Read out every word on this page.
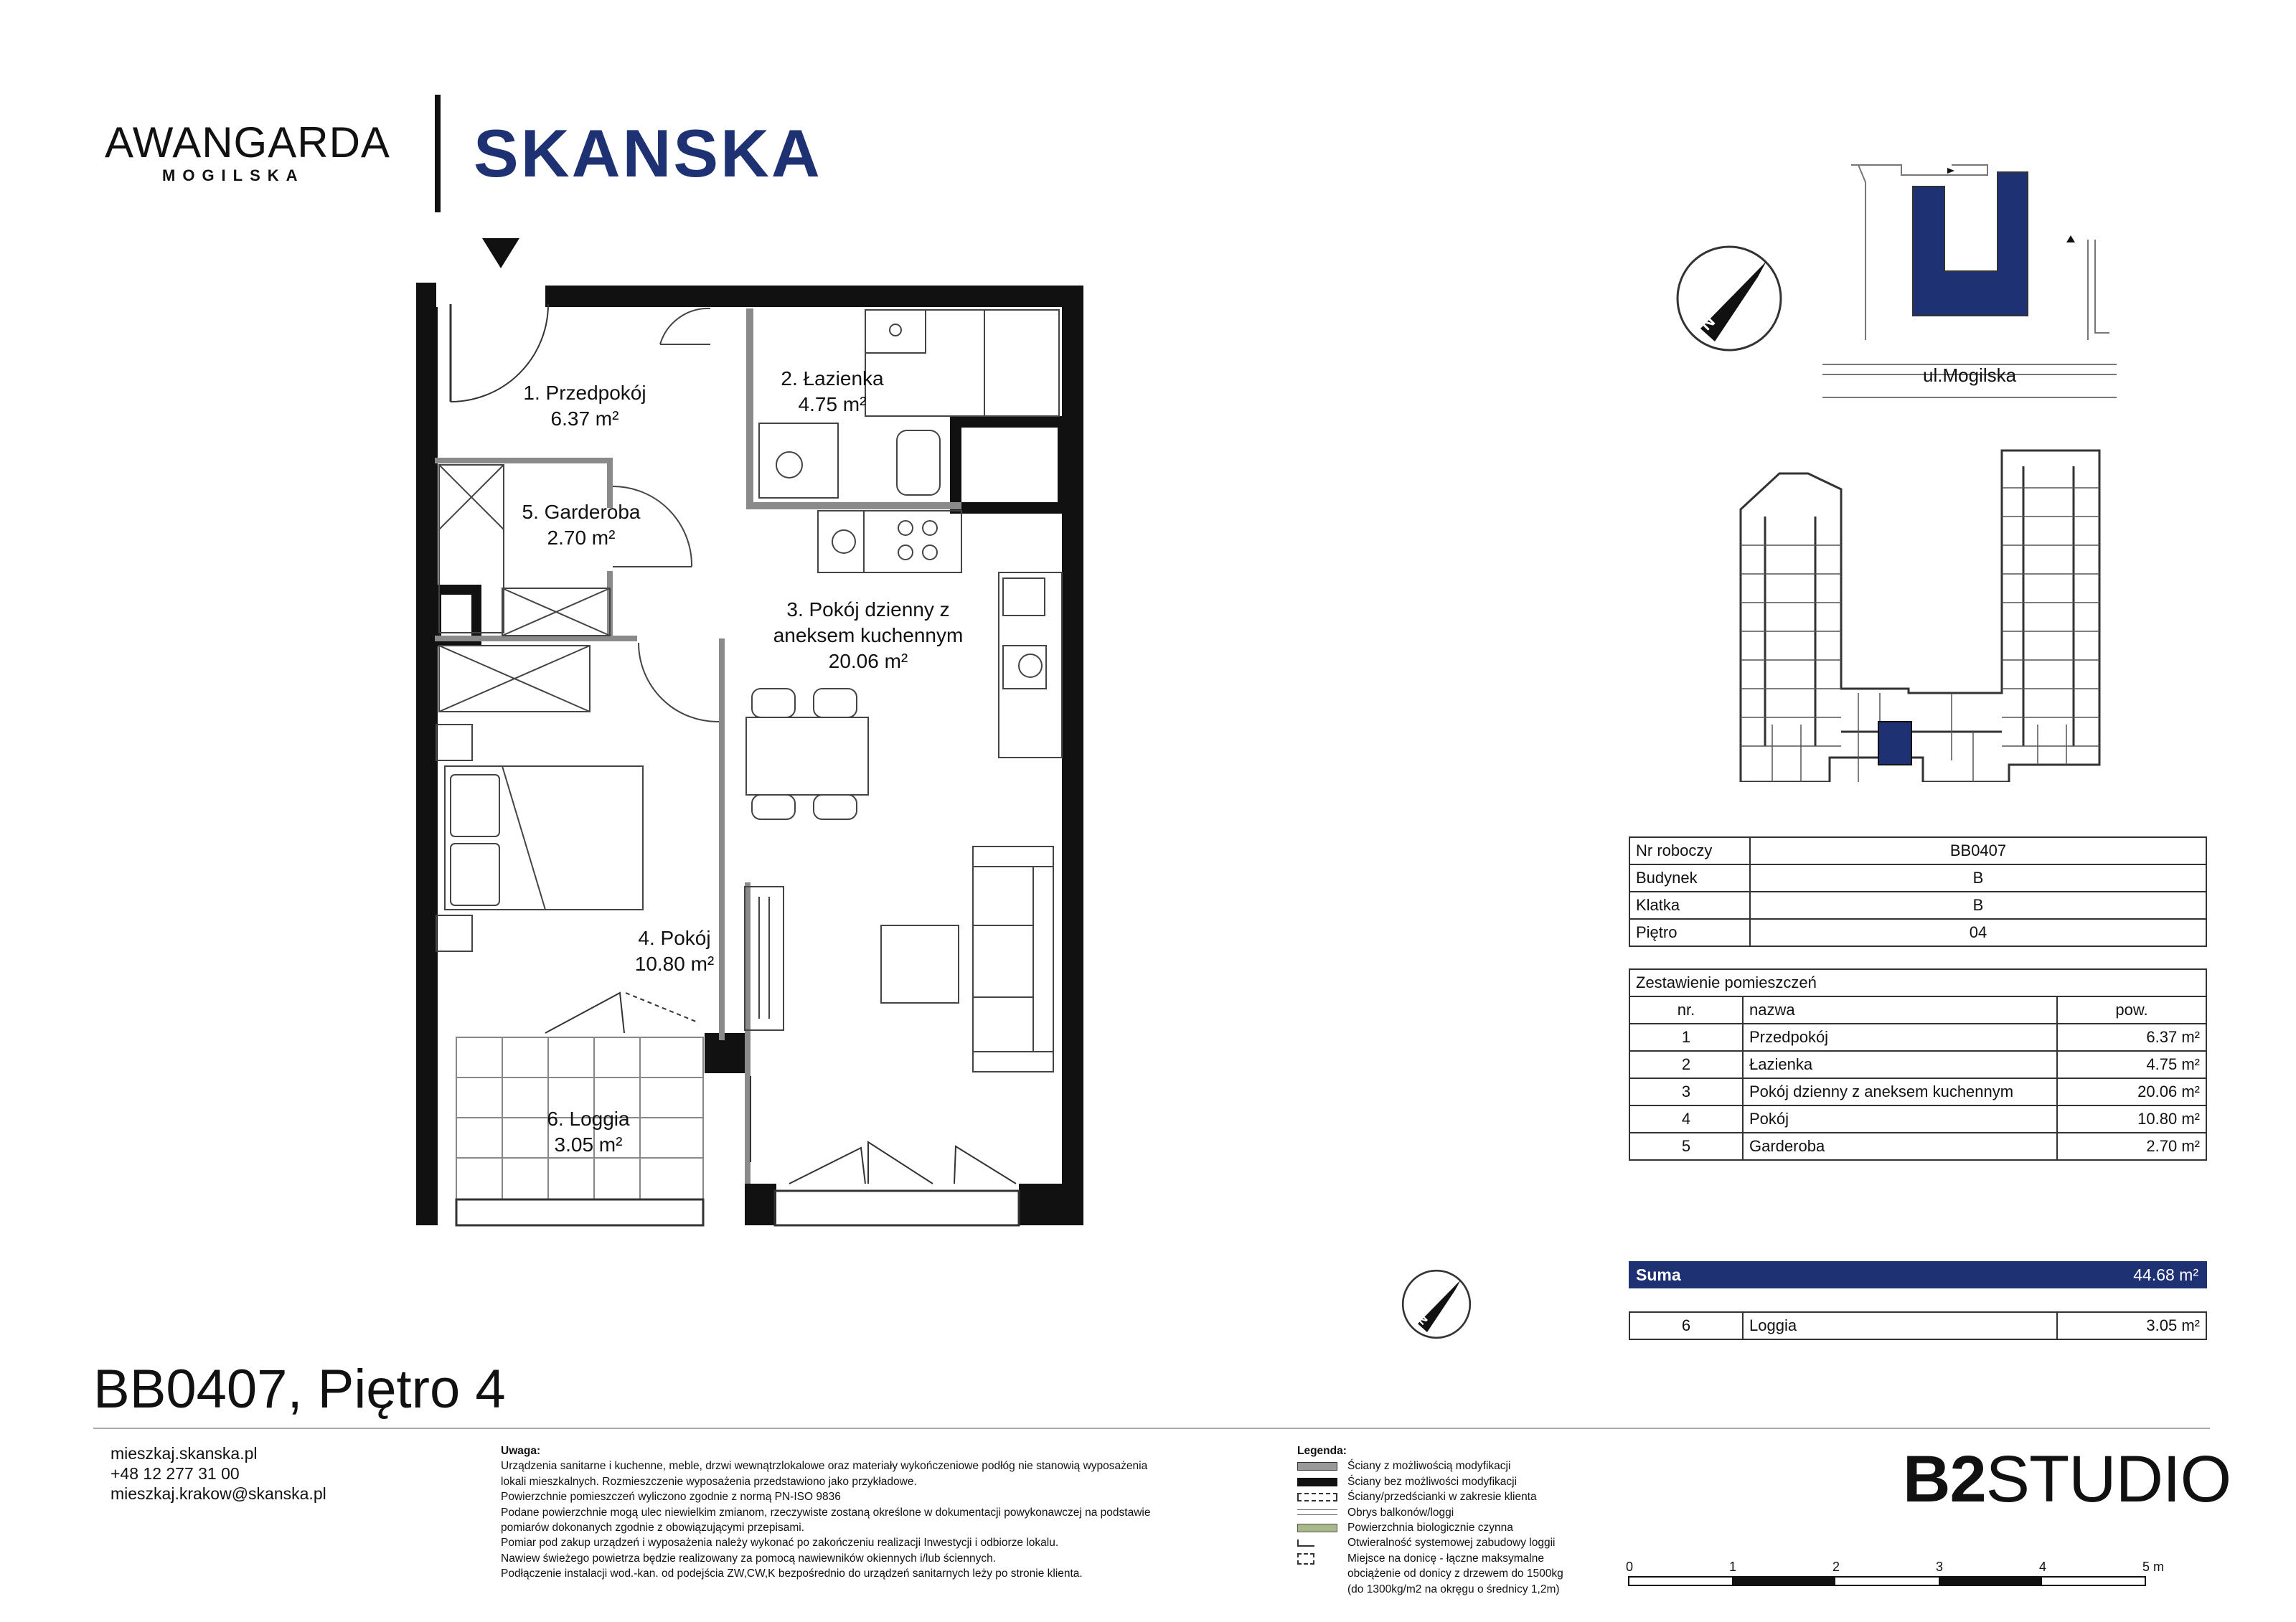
AWANGARDA
MOGILSKA	SKANSKA
1. Przedpokój
6.37 m²
2. Łazienka
4.75 m²
3. Pokój dzienny z
aneksem kuchennym
20.06 m²
4. Pokój
10.80 m²
5. Garderoba
2.70 m²
6. Loggia
3.05 m²
N
ul.Mogilska
Nr roboczy	BB0407
Budynek	B
Klatka	B
Piętro	04
Zestawienie pomieszczeń		
nr.	nazwa	pow.
1	Przedpokój	6.37 m²
2	Łazienka	4.75 m²
3	Pokój dzienny z aneksem kuchennym	20.06 m²
4	Pokój	10.80 m²
5	Garderoba	2.70 m²
N
Suma	44.68 m²
6	Loggia	3.05 m²
BB0407, Piętro 4
mieszkaj.skanska.pl
+48 12 277 31 00
mieszkaj.krakow@skanska.pl
Uwaga:
Urządzenia sanitarne i kuchenne, meble, drzwi wewnątrzlokalowe oraz materiały wykończeniowe podłóg nie stanowią wyposażenia
lokali mieszkalnych. Rozmieszczenie wyposażenia przedstawiono jako przykładowe.
Powierzchnie pomieszczeń wyliczono zgodnie z normą PN-ISO 9836
Podane powierzchnie mogą ulec niewielkim zmianom, rzeczywiste zostaną określone w dokumentacji powykonawczej na podstawie
pomiarów dokonanych zgodnie z obowiązującymi przepisami.
Pomiar pod zakup urządzeń i wyposażenia należy wykonać po zakończeniu realizacji Inwestycji i odbiorze lokalu.
Nawiew świeżego powietrza będzie realizowany za pomocą nawiewników okiennych i/lub ściennych.
Podłączenie instalacji wod.-kan. od podejścia ZW,CW,K bezpośrednio do urządzeń sanitarnych leży po stronie klienta.
Legenda:
Ściany z możliwością modyfikacji
Ściany bez możliwości modyfikacji
Ściany/przedścianki w zakresie klienta
Obrys balkonów/loggi
Powierzchnia biologicznie czynna
Otwieralność systemowej zabudowy loggii
Miejsce na donicę - łączne maksymalne
obciążenie od donicy z drzewem do 1500kg
(do 1300kg/m2 na okręgu o średnicy 1,2m)
B2STUDIO
0	1	2	3	4	5 m
